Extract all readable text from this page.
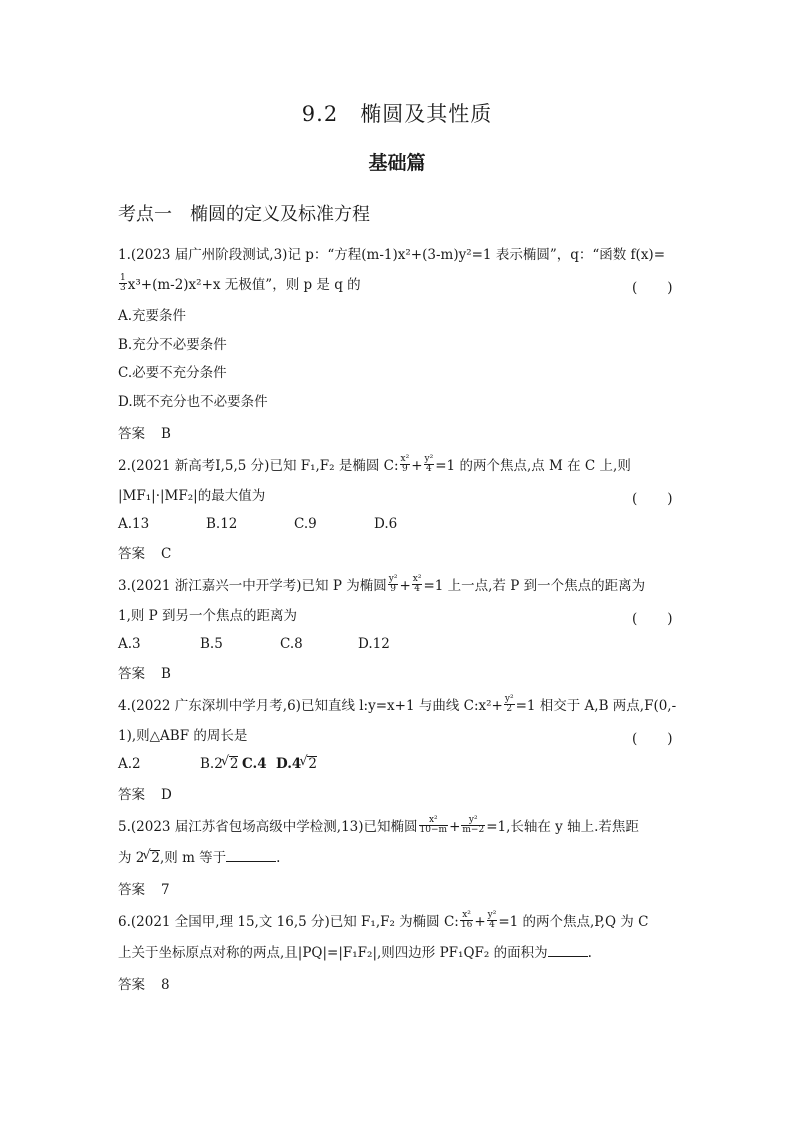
9.2　椭圆及其性质
基础篇
考点一　椭圆的定义及标准方程
1.(2023 届广州阶段测试,3)记 p：“方程(m-1)x²+(3-m)y²=1 表示椭圆”，q：“函数 f(x)=
$\frac{1}{3} x^3+(m-2)x^2+x$ 无极值”，则 p 是 q 的	(　　)
A.充要条件
B.充分不必要条件
C.必要不充分条件
D.既不充分也不必要条件
答案 B
2.(2021 新高考Ⅰ,5,5 分)已知 F₁,F₂ 是椭圆 C: $\frac{\text{x²}}{9} + \frac{\text{y²}}{4} =1$ 的两个焦点,点 M 在 C 上,则
|MF₁|·|MF₂|的最大值为	(　　)
A.13	B.12	C.9	D.6
答案 C
3.(2021 浙江嘉兴一中开学考)已知 P 为椭圆 $\frac{\text{y²}}{9} + \frac{\text{x²}}{4} =1$ 上一点,若 P 到一个焦点的距离为
1,则 P 到另一个焦点的距离为	(　　)
A.3	B.5	C.8	D.12
答案 B
4.(2022 广东深圳中学月考,6)已知直线 l:y=x+1 与曲线 C:x²+ $\frac{\text{y²}}{2} =1$ 相交于 A,B 两点,F(0,-
1),则△ABF 的周长是	(　　)
A.2	B.2 √ 2 C.4 D.4 √ 2
答案 D
5.(2023 届江苏省包场高级中学检测,13)已知椭圆 $\frac{\text{x²}}{10-m} + \frac{\text{y²}}{m-2} =1$,长轴在 y 轴上.若焦距
为 2 √ 2,则 m 等于	.
答案 7
6.(2021 全国甲,理 15,文 16,5 分)已知 F₁,F₂ 为椭圆 C: $\frac{\text{x²}}{16} + \frac{\text{y²}}{4} =1$ 的两个焦点,P,Q 为 C
上关于坐标原点对称的两点,且|PQ|=|F₁F₂|,则四边形 PF₁QF₂ 的面积为	.
答案 8
